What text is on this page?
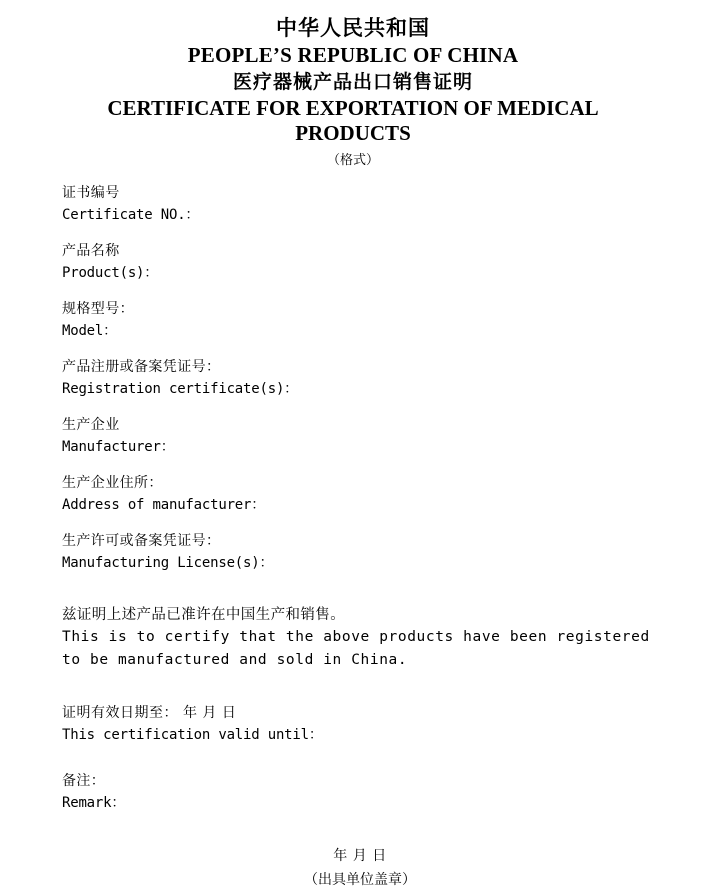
中华人民共和国
PEOPLE’S REPUBLIC OF CHINA
医疗器械产品出口销售证明
CERTIFICATE FOR EXPORTATION OF MEDICAL
PRODUCTS
（格式）
证书编号
Certificate NO.：
产品名称
Product(s)：
规格型号：
Model：
产品注册或备案凭证号：
Registration certificate(s)：
生产企业
Manufacturer：
生产企业住所：
Address of manufacturer：
生产许可或备案凭证号：
Manufacturing License(s)：
兹证明上述产品已准许在中国生产和销售。
This is to certify that the above products have been registered
to be manufactured and sold in China.
证明有效日期至： 年 月 日
This certification valid until：
备注：
Remark：
年 月 日
（出具单位盖章）
